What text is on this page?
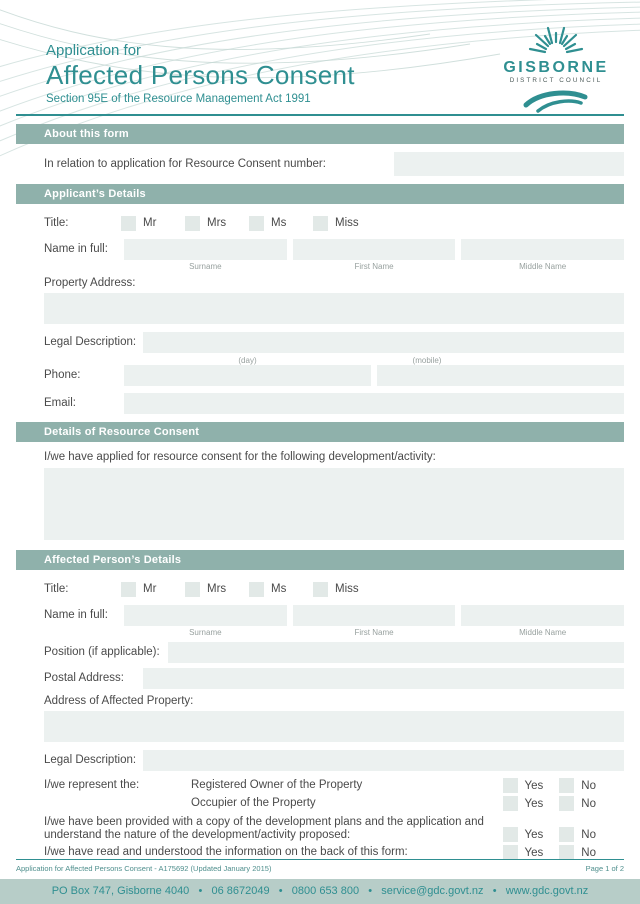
Application for
Affected Persons Consent
Section 95E of the Resource Management Act 1991
GISBORNE
DISTRICT COUNCIL
About this form
In relation to application for Resource Consent number:
Applicant’s Details
Title:	Mr	Mrs	Ms	Miss
Name in full:
Surname	First Name	Middle Name
Property Address:
Legal Description:
(day)	(mobile)
Phone:
Email:
Details of Resource Consent
I/we have applied for resource consent for the following development/activity:
Affected Person’s Details
Title:	Mr	Mrs	Ms	Miss
Name in full:
Surname	First Name	Middle Name
Position (if applicable):
Postal Address:
Address of Affected Property:
Legal Description:
I/we represent the:	Registered Owner of the Property	Yes	No
Occupier of the Property	Yes	No
I/we have been provided with a copy of the development plans and the application and understand the nature of the development/activity proposed:	Yes	No
I/we have read and understood the information on the back of this form:	Yes	No
Application for Affected Persons Consent - A175692 (Updated January 2015)	Page 1 of 2
PO Box 747, Gisborne 4040   •   06 8672049   •   0800 653 800   •   service@gdc.govt.nz   •   www.gdc.govt.nz
